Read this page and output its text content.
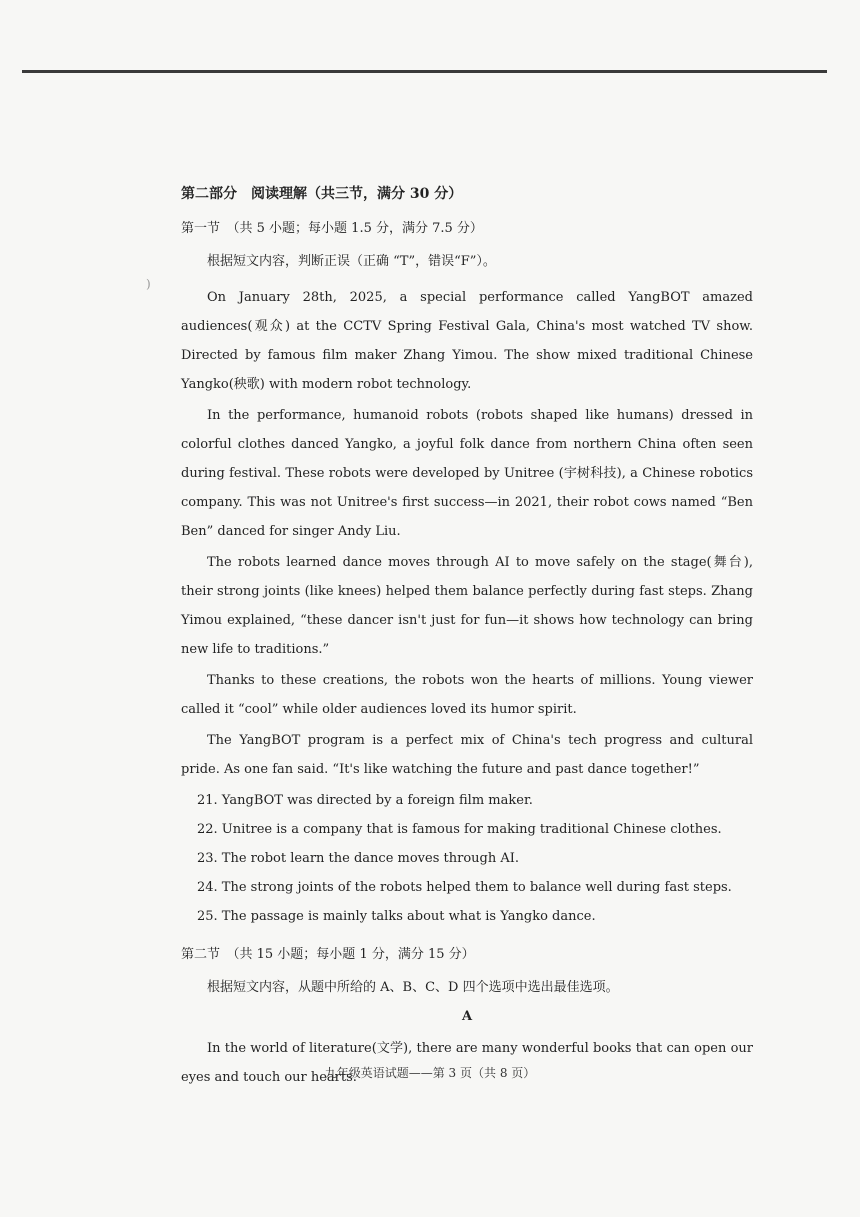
)
第二部分　阅读理解（共三节，满分 30 分）
第一节　（共 5 小题；每小题 1.5 分，满分 7.5 分）
根据短文内容，判断正误（正确 “T”，错误“F”）。

On January 28th, 2025, a special performance called YangBOT amazed audiences(观众) at the CCTV Spring Festival Gala, China's most watched TV show. Directed by famous film maker Zhang Yimou. The show mixed traditional Chinese Yangko(秧歌) with modern robot technology.

In the performance, humanoid robots (robots shaped like humans) dressed in colorful clothes danced Yangko, a joyful folk dance from northern China often seen during festival. These robots were developed by Unitree (宇树科技), a Chinese robotics company. This was not Unitree's first success—in 2021, their robot cows named “Ben Ben” danced for singer Andy Liu.

The robots learned dance moves through AI to move safely on the stage(舞台), their strong joints (like knees) helped them balance perfectly during fast steps. Zhang Yimou explained, “these dancer isn't just for fun—it shows how technology can bring new life to traditions.”

Thanks to these creations, the robots won the hearts of millions. Young viewer called it “cool” while older audiences loved its humor spirit.

The YangBOT program is a perfect mix of China's tech progress and cultural pride. As one fan said. “It's like watching the future and past dance together!”

21. YangBOT was directed by a foreign film maker.
22. Unitree is a company that is famous for making traditional Chinese clothes.
23. The robot learn the dance moves through AI.
24. The strong joints of the robots helped them to balance well during fast steps.
25. The passage is mainly talks about what is Yangko dance.
第二节　（共 15 小题；每小题 1 分，满分 15 分）
根据短文内容，从题中所给的 A、B、C、D 四个选项中选出最佳选项。
A

In the world of literature(文学), there are many wonderful books that can open our eyes and touch our hearts.

九年级英语试题——第 3 页（共 8 页）
